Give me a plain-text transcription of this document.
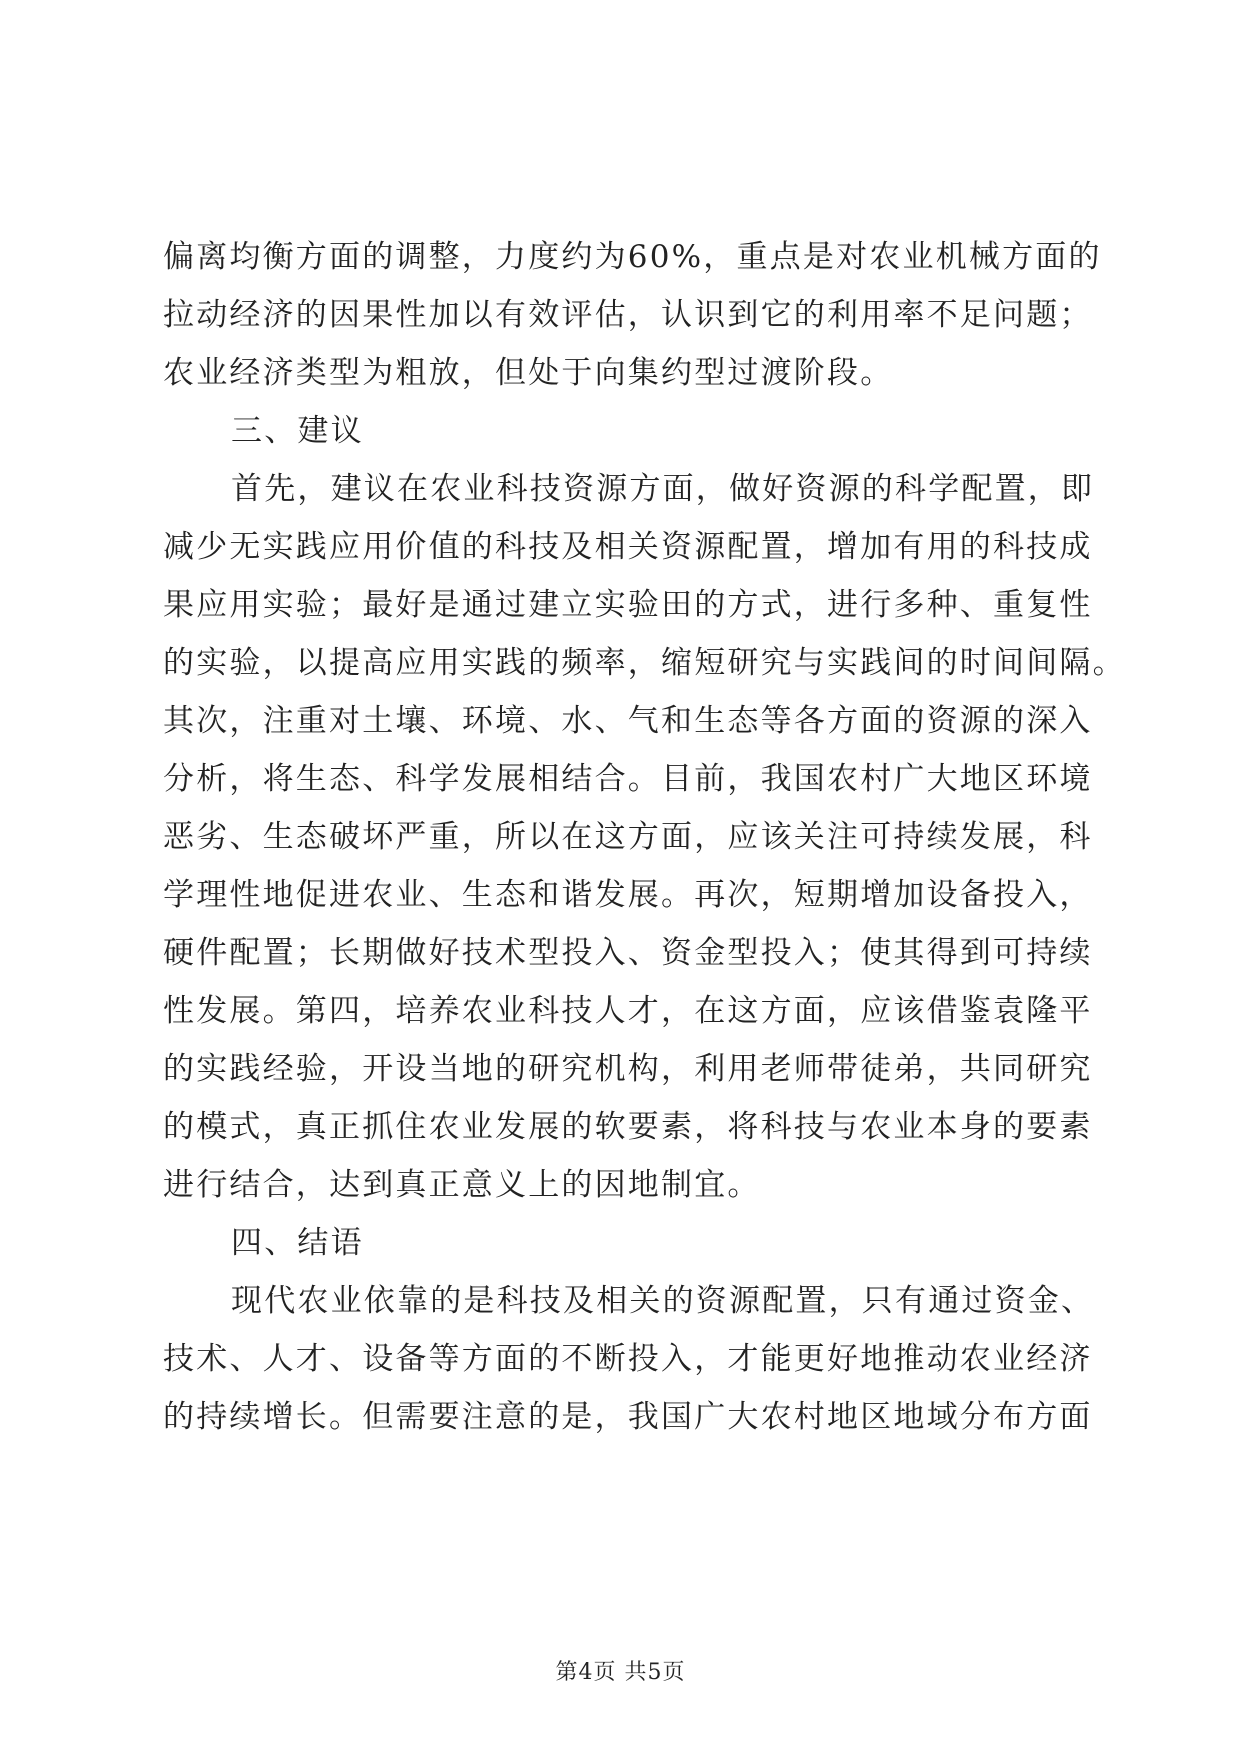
偏离均衡方面的调整，力度约为60%，重点是对农业机械方面的
拉动经济的因果性加以有效评估，认识到它的利用率不足问题；
农业经济类型为粗放，但处于向集约型过渡阶段。
三、建议
首先，建议在农业科技资源方面，做好资源的科学配置，即
减少无实践应用价值的科技及相关资源配置，增加有用的科技成
果应用实验；最好是通过建立实验田的方式，进行多种、重复性
的实验，以提高应用实践的频率，缩短研究与实践间的时间间隔。
其次，注重对土壤、环境、水、气和生态等各方面的资源的深入
分析，将生态、科学发展相结合。目前，我国农村广大地区环境
恶劣、生态破坏严重，所以在这方面，应该关注可持续发展，科
学理性地促进农业、生态和谐发展。再次，短期增加设备投入，
硬件配置；长期做好技术型投入、资金型投入；使其得到可持续
性发展。第四，培养农业科技人才，在这方面，应该借鉴袁隆平
的实践经验，开设当地的研究机构，利用老师带徒弟，共同研究
的模式，真正抓住农业发展的软要素，将科技与农业本身的要素
进行结合，达到真正意义上的因地制宜。
四、结语
现代农业依靠的是科技及相关的资源配置，只有通过资金、
技术、人才、设备等方面的不断投入，才能更好地推动农业经济
的持续增长。但需要注意的是，我国广大农村地区地域分布方面
第4页 共5页
